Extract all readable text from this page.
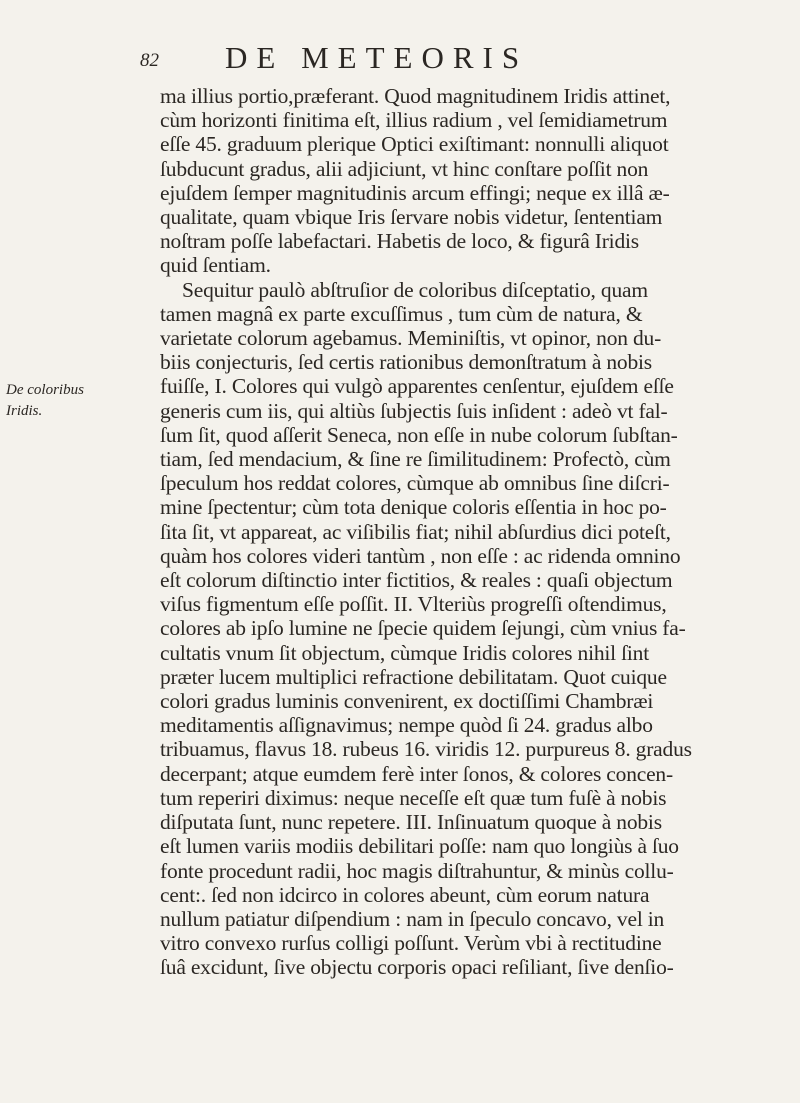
82 DE METEORIS
De coloribus
Iridis.
ma illius portio,præferant. Quod magnitudinem Iridis attinet,
cùm horizonti finitima eſt, illius radium , vel ſemidiametrum
eſſe 45. graduum plerique Optici exiſtimant: nonnulli aliquot
ſubducunt gradus, alii adjiciunt, vt hinc conſtare poſſit non
ejuſdem ſemper magnitudinis arcum effingi; neque ex illâ æ-
qualitate, quam vbique Iris ſervare nobis videtur, ſententiam
noſtram poſſe labefactari. Habetis de loco, & figurâ Iridis
quid ſentiam.
Sequitur paulò abſtruſior de coloribus diſceptatio, quam
tamen magnâ ex parte excuſſimus , tum cùm de natura, &
varietate colorum agebamus. Meminiſtis, vt opinor, non du-
biis conjecturis, ſed certis rationibus demonſtratum à nobis
fuiſſe, I. Colores qui vulgò apparentes cenſentur, ejuſdem eſſe
generis cum iis, qui altiùs ſubjectis ſuis inſident : adeò vt fal-
ſum ſit, quod aſſerit Seneca, non eſſe in nube colorum ſubſtan-
tiam, ſed mendacium, & ſine re ſimilitudinem: Profectò, cùm
ſpeculum hos reddat colores, cùmque ab omnibus ſine diſcri-
mine ſpectentur; cùm tota denique coloris eſſentia in hoc po-
ſita ſit, vt appareat, ac viſibilis fiat; nihil abſurdius dici poteſt,
quàm hos colores videri tantùm , non eſſe : ac ridenda omnino
eſt colorum diſtinctio inter fictitios, & reales : quaſi objectum
viſus figmentum eſſe poſſit. II. Vlteriùs progreſſi oſtendimus,
colores ab ipſo lumine ne ſpecie quidem ſejungi, cùm vnius fa-
cultatis vnum ſit objectum, cùmque Iridis colores nihil ſint
præter lucem multiplici refractione debilitatam. Quot cuique
colori gradus luminis convenirent, ex doctiſſimi Chambræi
meditamentis aſſignavimus; nempe quòd ſi 24. gradus albo
tribuamus, flavus 18. rubeus 16. viridis 12. purpureus 8. gradus
decerpant; atque eumdem ferè inter ſonos, & colores concen-
tum reperiri diximus: neque neceſſe eſt quæ tum fuſè à nobis
diſputata ſunt, nunc repetere. III. Inſinuatum quoque à nobis
eſt lumen variis modiis debilitari poſſe: nam quo longiùs à ſuo
fonte procedunt radii, hoc magis diſtrahuntur, & minùs collu-
cent:. ſed non idcirco in colores abeunt, cùm eorum natura
nullum patiatur diſpendium : nam in ſpeculo concavo, vel in
vitro convexo rurſus colligi poſſunt. Verùm vbi à rectitudine
ſuâ excidunt, ſive objectu corporis opaci reſiliant, ſive denſio-
